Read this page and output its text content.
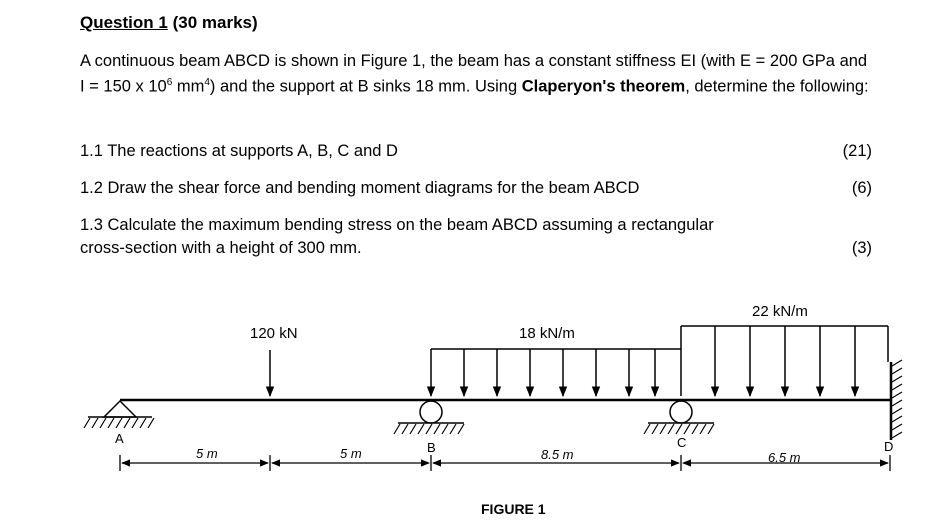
Question 1 (30 marks)
A continuous beam ABCD is shown in Figure 1, the beam has a constant stiffness EI (with E = 200 GPa and I = 150 x $10^6$ $mm^4$) and the support at B sinks 18 mm. Using Claperyon's theorem, determine the following:
1.1 The reactions at supports A, B, C and D	(21)
1.2 Draw the shear force and bending moment diagrams for the beam ABCD	(6)
1.3 Calculate the maximum bending stress on the beam ABCD assuming a rectangular
cross-section with a height of 300 mm.	(3)
120 kN	18 kN/m
22 kN/m
A
B	C	D
5 m	5 m	8.5 m	6.5 m
FIGURE 1
